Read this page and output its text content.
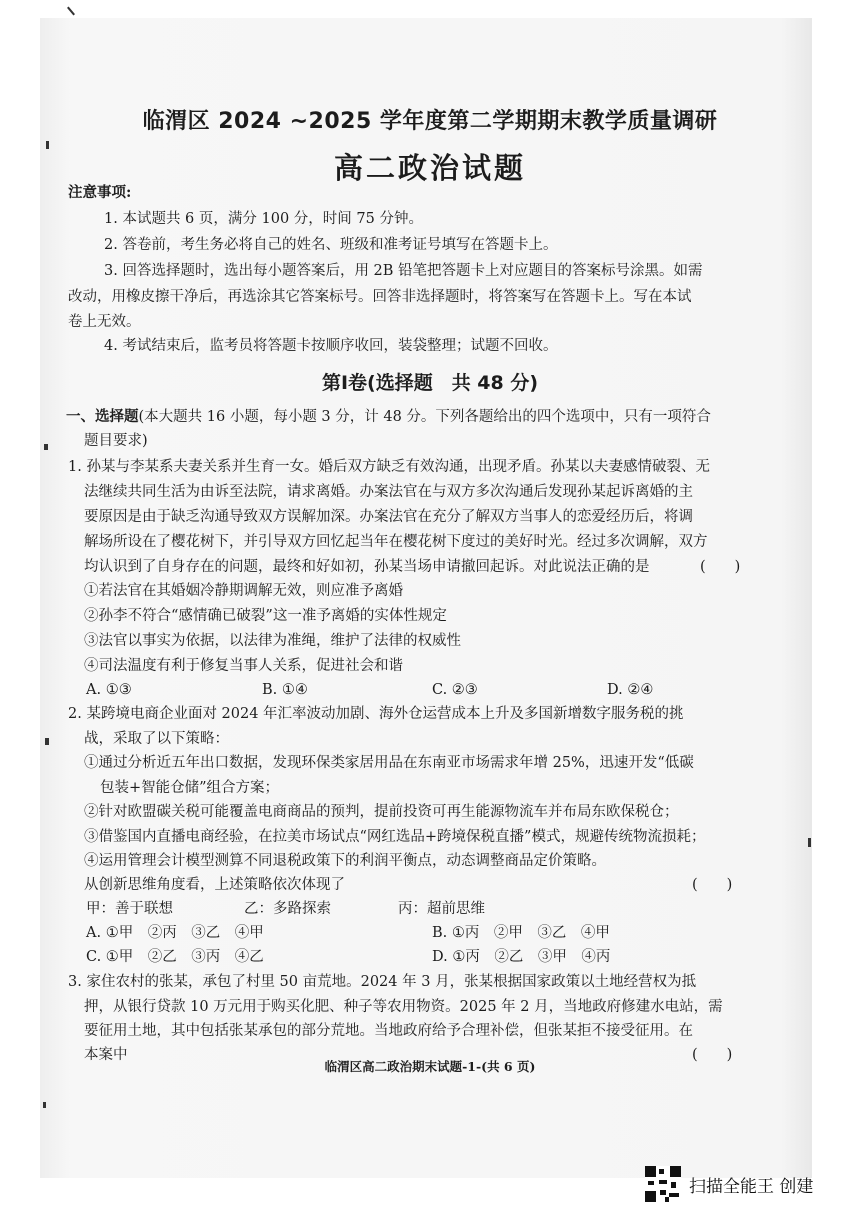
临渭区 2024 ~2025 学年度第二学期期末教学质量调研
高二政治试题
注意事项:
1. 本试题共 6 页，满分 100 分，时间 75 分钟。
2. 答卷前，考生务必将自己的姓名、班级和准考证号填写在答题卡上。
3. 回答选择题时，选出每小题答案后，用 2B 铅笔把答题卡上对应题目的答案标号涂黑。如需
改动，用橡皮擦干净后，再选涂其它答案标号。回答非选择题时，将答案写在答题卡上。写在本试
卷上无效。
4. 考试结束后，监考员将答题卡按顺序收回，装袋整理；试题不回收。
第Ⅰ卷(选择题　共 48 分)
一、选择题(本大题共 16 小题，每小题 3 分，计 48 分。下列各题给出的四个选项中，只有一项符合
题目要求)
1. 孙某与李某系夫妻关系并生育一女。婚后双方缺乏有效沟通，出现矛盾。孙某以夫妻感情破裂、无
法继续共同生活为由诉至法院，请求离婚。办案法官在与双方多次沟通后发现孙某起诉离婚的主
要原因是由于缺乏沟通导致双方误解加深。办案法官在充分了解双方当事人的恋爱经历后，将调
解场所设在了樱花树下，并引导双方回忆起当年在樱花树下度过的美好时光。经过多次调解，双方
均认识到了自身存在的问题，最终和好如初，孙某当场申请撤回起诉。对此说法正确的是	(　　)
①若法官在其婚姻冷静期调解无效，则应准予离婚
②孙李不符合“感情确已破裂”这一准予离婚的实体性规定
③法官以事实为依据，以法律为准绳，维护了法律的权威性
④司法温度有利于修复当事人关系，促进社会和谐
A. ①③	B. ①④	C. ②③	D. ②④
2. 某跨境电商企业面对 2024 年汇率波动加剧、海外仓运营成本上升及多国新增数字服务税的挑
战，采取了以下策略：
①通过分析近五年出口数据，发现环保类家居用品在东南亚市场需求年增 25%，迅速开发“低碳
包装+智能仓储”组合方案；
②针对欧盟碳关税可能覆盖电商商品的预判，提前投资可再生能源物流车并布局东欧保税仓；
③借鉴国内直播电商经验，在拉美市场试点“网红选品+跨境保税直播”模式，规避传统物流损耗；
④运用管理会计模型测算不同退税政策下的利润平衡点，动态调整商品定价策略。
从创新思维角度看，上述策略依次体现了	(　　)
甲：善于联想	乙：多路探索	丙：超前思维
A. ①甲　②丙　③乙　④甲	B. ①丙　②甲　③乙　④甲
C. ①甲　②乙　③丙　④乙	D. ①丙　②乙　③甲　④丙
3. 家住农村的张某，承包了村里 50 亩荒地。2024 年 3 月，张某根据国家政策以土地经营权为抵
押，从银行贷款 10 万元用于购买化肥、种子等农用物资。2025 年 2 月，当地政府修建水电站，需
要征用土地，其中包括张某承包的部分荒地。当地政府给予合理补偿，但张某拒不接受征用。在
本案中	(　　)
临渭区高二政治期末试题-1-(共 6 页)
扫描全能王 创建
